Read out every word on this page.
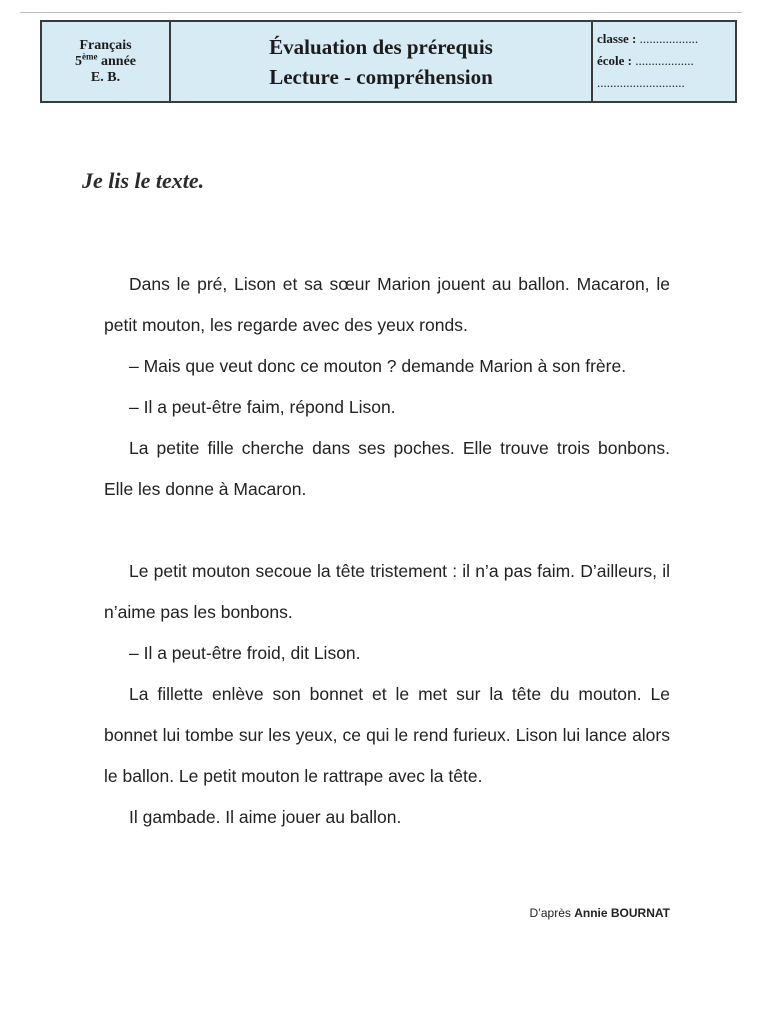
Français
5ème année
E. B.
Évaluation des prérequis
Lecture - compréhension
classe : ..................
école : ..................
...........................
Je lis le texte.

Dans le pré, Lison et sa sœur Marion jouent au ballon. Macaron, le petit mouton, les regarde avec des yeux ronds.

– Mais que veut donc ce mouton ? demande Marion à son frère.

– Il a peut-être faim, répond Lison.

La petite fille cherche dans ses poches. Elle trouve trois bonbons. Elle les donne à Macaron.

Le petit mouton secoue la tête tristement : il n’a pas faim. D’ailleurs, il n’aime pas les bonbons.

– Il a peut-être froid, dit Lison.

La fillette enlève son bonnet et le met sur la tête du mouton. Le bonnet lui tombe sur les yeux, ce qui le rend furieux. Lison lui lance alors le ballon. Le petit mouton le rattrape avec la tête.

Il gambade. Il aime jouer au ballon.

D’après Annie BOURNAT
